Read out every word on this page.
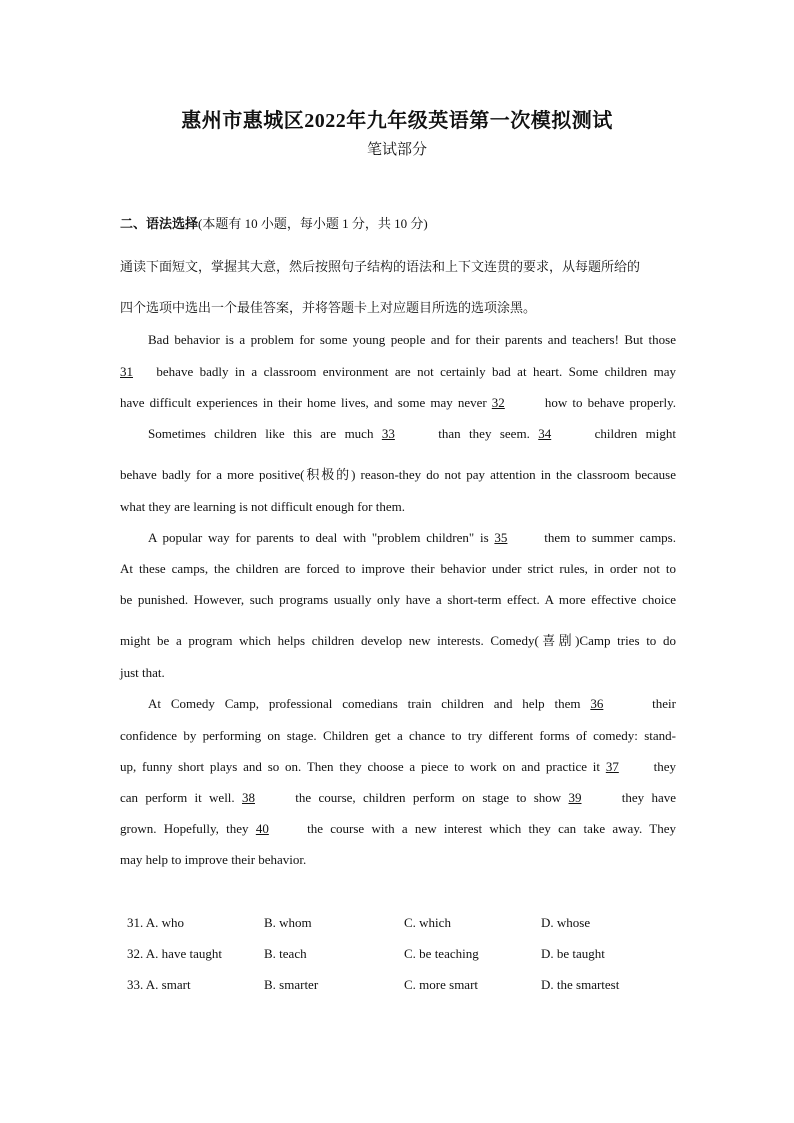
惠州市惠城区2022年九年级英语第一次模拟测试
笔试部分
二、语法选择(本题有 10 小题，每小题 1 分，共 10 分)
通读下面短文，掌握其大意，然后按照句子结构的语法和上下文连贯的要求，从每题所给的
四个选项中选出一个最佳答案，并将答题卡上对应题目所选的选项涂黑。
Bad behavior is a problem for some young people and for their parents and teachers! But those
31 behave badly in a classroom environment are not certainly bad at heart. Some children may
have difficult experiences in their home lives, and some may never 32	how to behave properly.
Sometimes children like this are much 33	than they seem. 34	children might
behave badly for a more positive(积极的) reason-they do not pay attention in the classroom because
what they are learning is not difficult enough for them.
A popular way for parents to deal with "problem children" is 35 them to summer camps.
At these camps, the children are forced to improve their behavior under strict rules, in order not to
be punished. However, such programs usually only have a short-term effect. A more effective choice
might be a program which helps children develop new interests. Comedy(喜剧)Camp tries to do
just that.
At Comedy Camp, professional comedians train children and help them 36	their
confidence by performing on stage. Children get a chance to try different forms of comedy: stand-
up, funny short plays and so on. Then they choose a piece to work on and practice it 37 they
can perform it well. 38	the course, children perform on stage to show 39	they have
grown. Hopefully, they 40 the course with a new interest which they can take away. They
may help to improve their behavior.
31. A. who	B. whom	C. which	D. whose
32. A. have taught	B. teach	C. be teaching	D. be taught
33. A. smart	B. smarter	C. more smart	D. the smartest
